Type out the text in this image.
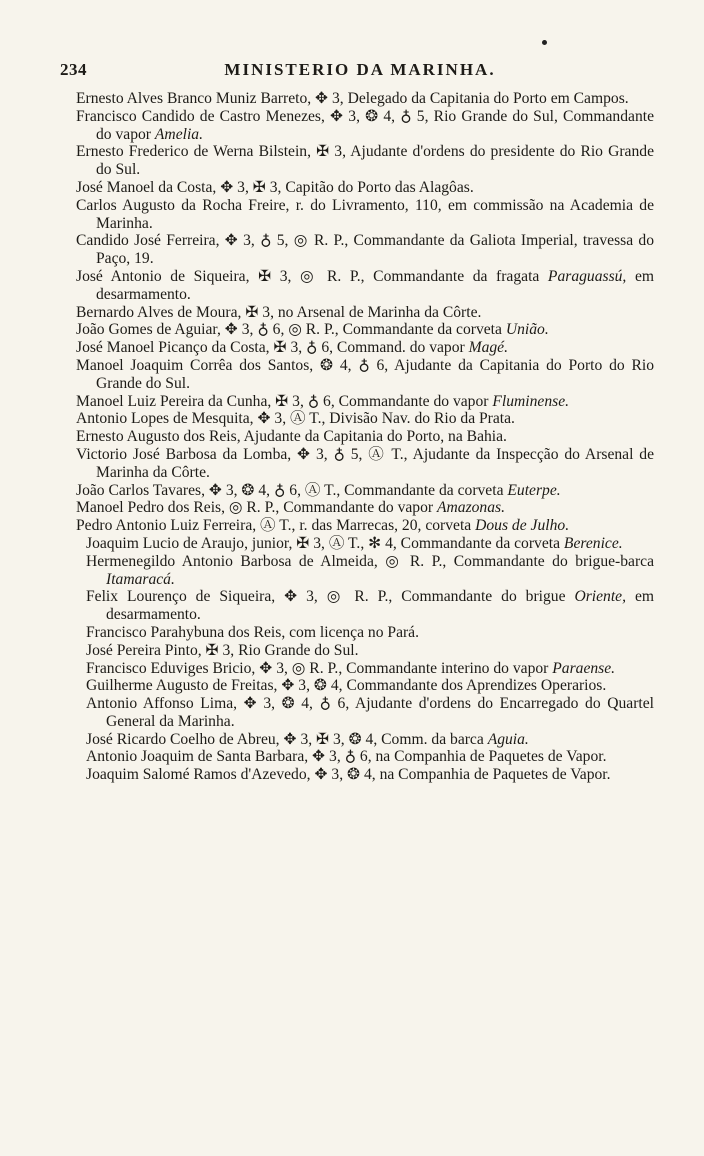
234	MINISTERIO DA MARINHA.

Ernesto Alves Branco Muniz Barreto, ✥ 3, Delegado da Capitania do Porto em Campos.

Francisco Candido de Castro Menezes, ✥ 3, ❂ 4, ♁ 5, Rio Grande do Sul, Commandante do vapor Amelia.

Ernesto Frederico de Werna Bilstein, ✠ 3, Ajudante d'ordens do presidente do Rio Grande do Sul.

José Manoel da Costa, ✥ 3, ✠ 3, Capitão do Porto das Alagôas.

Carlos Augusto da Rocha Freire, r. do Livramento, 110, em commissão na Academia de Marinha.

Candido José Ferreira, ✥ 3, ♁ 5, ◎ R. P., Commandante da Galiota Imperial, travessa do Paço, 19.

José Antonio de Siqueira, ✠ 3, ◎ R. P., Commandante da fragata Paraguassú, em desarmamento.

Bernardo Alves de Moura, ✠ 3, no Arsenal de Marinha da Côrte.

João Gomes de Aguiar, ✥ 3, ♁ 6, ◎ R. P., Commandante da corveta União.

José Manoel Picanço da Costa, ✠ 3, ♁ 6, Command. do vapor Magé.

Manoel Joaquim Corrêa dos Santos, ❂ 4, ♁ 6, Ajudante da Capitania do Porto do Rio Grande do Sul.

Manoel Luiz Pereira da Cunha, ✠ 3, ♁ 6, Commandante do vapor Fluminense.

Antonio Lopes de Mesquita, ✥ 3, Ⓐ T., Divisão Nav. do Rio da Prata.

Ernesto Augusto dos Reis, Ajudante da Capitania do Porto, na Bahia.

Victorio José Barbosa da Lomba, ✥ 3, ♁ 5, Ⓐ T., Ajudante da Inspecção do Arsenal de Marinha da Côrte.

João Carlos Tavares, ✥ 3, ❂ 4, ♁ 6, Ⓐ T., Commandante da corveta Euterpe.

Manoel Pedro dos Reis, ◎ R. P., Commandante do vapor Amazonas.

Pedro Antonio Luiz Ferreira, Ⓐ T., r. das Marrecas, 20, corveta Dous de Julho.

Joaquim Lucio de Araujo, junior, ✠ 3, Ⓐ T., ✻ 4, Commandante da corveta Berenice.

Hermenegildo Antonio Barbosa de Almeida, ◎ R. P., Commandante do brigue-barca Itamaracá.

Felix Lourenço de Siqueira, ✥ 3, ◎ R. P., Commandante do brigue Oriente, em desarmamento.

Francisco Parahybuna dos Reis, com licença no Pará.

José Pereira Pinto, ✠ 3, Rio Grande do Sul.

Francisco Eduviges Bricio, ✥ 3, ◎ R. P., Commandante interino do vapor Paraense.

Guilherme Augusto de Freitas, ✥ 3, ❂ 4, Commandante dos Aprendizes Operarios.

Antonio Affonso Lima, ✥ 3, ❂ 4, ♁ 6, Ajudante d'ordens do Encarregado do Quartel General da Marinha.

José Ricardo Coelho de Abreu, ✥ 3, ✠ 3, ❂ 4, Comm. da barca Aguia.

Antonio Joaquim de Santa Barbara, ✥ 3, ♁ 6, na Companhia de Paquetes de Vapor.

Joaquim Salomé Ramos d'Azevedo, ✥ 3, ❂ 4, na Companhia de Paquetes de Vapor.
